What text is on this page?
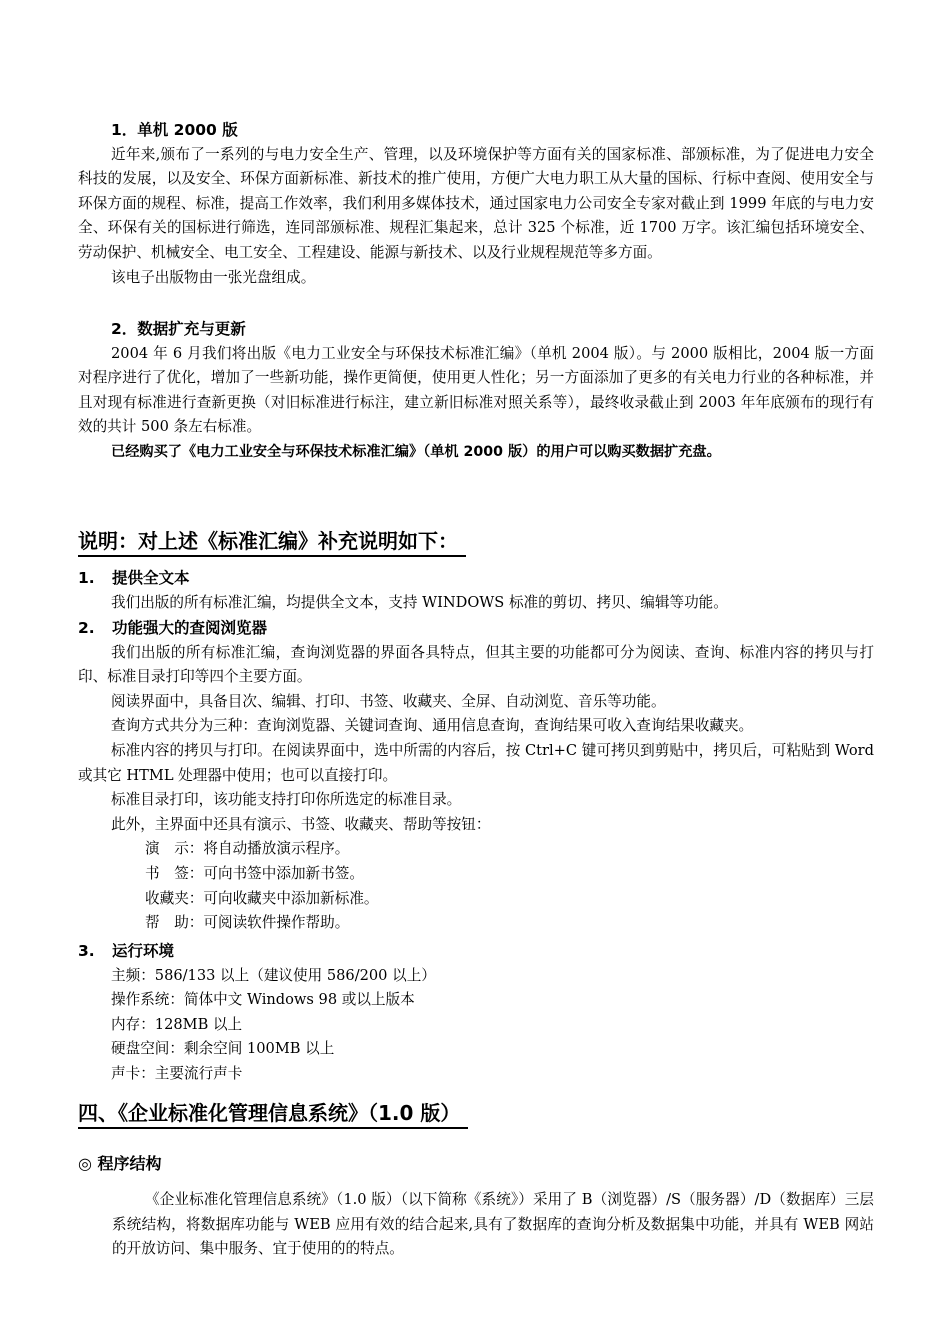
1．单机 2000 版

近年来,颁布了一系列的与电力安全生产、管理，以及环境保护等方面有关的国家标准、部颁标准，为了促进电力安全科技的发展，以及安全、环保方面新标准、新技术的推广使用，方便广大电力职工从大量的国标、行标中查阅、使用安全与环保方面的规程、标准，提高工作效率，我们利用多媒体技术，通过国家电力公司安全专家对截止到 1999 年底的与电力安全、环保有关的国标进行筛选，连同部颁标准、规程汇集起来，总计 325 个标准，近 1700 万字。该汇编包括环境安全、劳动保护、机械安全、电工安全、工程建设、能源与新技术、以及行业规程规范等多方面。

该电子出版物由一张光盘组成。

2．数据扩充与更新

2004 年 6 月我们将出版《电力工业安全与环保技术标准汇编》（单机 2004 版）。与 2000 版相比，2004 版一方面对程序进行了优化，增加了一些新功能，操作更简便，使用更人性化；另一方面添加了更多的有关电力行业的各种标准，并且对现有标准进行查新更换（对旧标准进行标注，建立新旧标准对照关系等），最终收录截止到 2003 年年底颁布的现行有效的共计 500 条左右标准。

已经购买了《电力工业安全与环保技术标准汇编》（单机 2000 版）的用户可以购买数据扩充盘。
说明：对上述《标准汇编》补充说明如下：
1. 提供全文本
我们出版的所有标准汇编，均提供全文本，支持 WINDOWS 标准的剪切、拷贝、编辑等功能。
2. 功能强大的查阅浏览器

我们出版的所有标准汇编，查询浏览器的界面各具特点，但其主要的功能都可分为阅读、查询、标准内容的拷贝与打印、标准目录打印等四个主要方面。

阅读界面中，具备目次、编辑、打印、书签、收藏夹、全屏、自动浏览、音乐等功能。
查询方式共分为三种：查询浏览器、关键词查询、通用信息查询，查询结果可收入查询结果收藏夹。

标准内容的拷贝与打印。在阅读界面中，选中所需的内容后，按 Ctrl+C 键可拷贝到剪贴中，拷贝后，可粘贴到 Word 或其它 HTML 处理器中使用；也可以直接打印。

标准目录打印，该功能支持打印你所选定的标准目录。
此外，主界面中还具有演示、书签、收藏夹、帮助等按钮：
演　示：将自动播放演示程序。
书　签：可向书签中添加新书签。
收藏夹：可向收藏夹中添加新标准。
帮　助：可阅读软件操作帮助。
3. 运行环境
主频：586/133 以上（建议使用 586/200 以上）
操作系统：简体中文 Windows 98 或以上版本
内存：128MB 以上
硬盘空间：剩余空间 100MB 以上
声卡：主要流行声卡
四、《企业标准化管理信息系统》（1.0 版）
◎ 程序结构

《企业标准化管理信息系统》（1.0 版）（以下简称《系统》）采用了 B（浏览器）/S（服务器）/D（数据库）三层系统结构，将数据库功能与 WEB 应用有效的结合起来,具有了数据库的查询分析及数据集中功能，并具有 WEB 网站的开放访问、集中服务、宜于使用的的特点。
